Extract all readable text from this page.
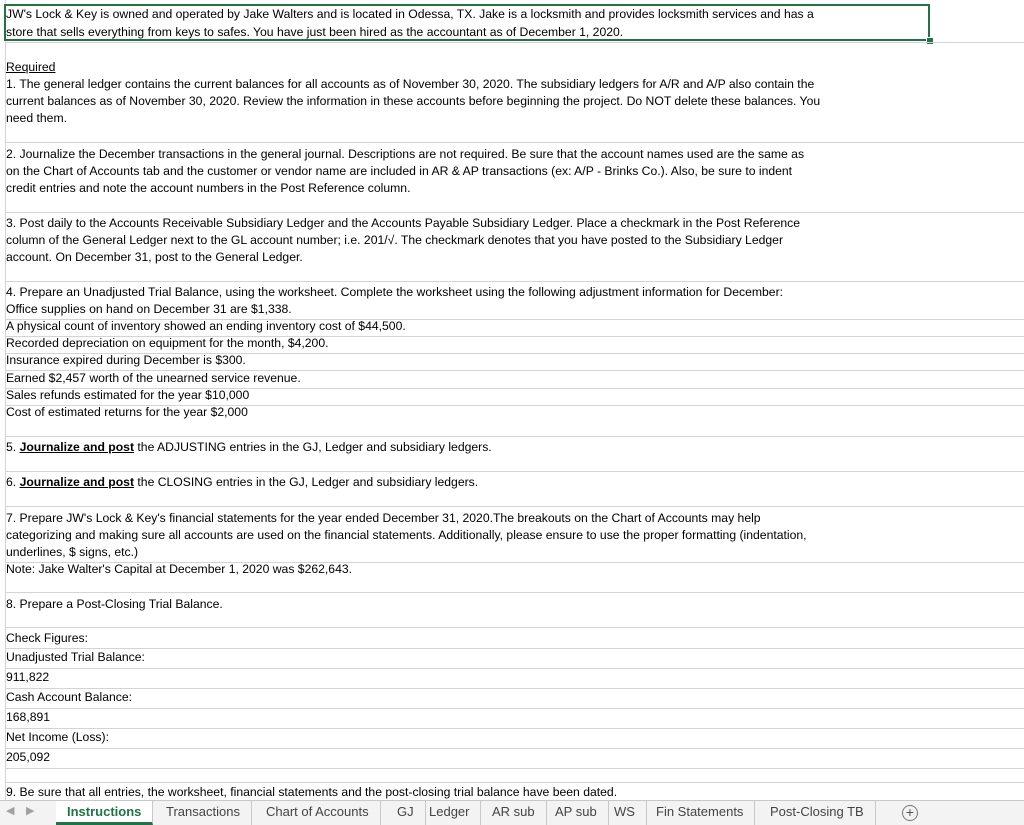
JW's Lock & Key is owned and operated by Jake Walters and is located in Odessa, TX. Jake is a locksmith and provides locksmith services and has a
store that sells everything from keys to safes. You have just been hired as the accountant as of December 1, 2020.
Required
1. The general ledger contains the current balances for all accounts as of November 30, 2020. The subsidiary ledgers for A/R and A/P also contain the
current balances as of November 30, 2020. Review the information in these accounts before beginning the project. Do NOT delete these balances. You
need them.
2. Journalize the December transactions in the general journal. Descriptions are not required. Be sure that the account names used are the same as
on the Chart of Accounts tab and the customer or vendor name are included in AR & AP transactions (ex: A/P - Brinks Co.). Also, be sure to indent
credit entries and note the account numbers in the Post Reference column.
3. Post daily to the Accounts Receivable Subsidiary Ledger and the Accounts Payable Subsidiary Ledger. Place a checkmark in the Post Reference
column of the General Ledger next to the GL account number; i.e. 201/√. The checkmark denotes that you have posted to the Subsidiary Ledger
account. On December 31, post to the General Ledger.
4. Prepare an Unadjusted Trial Balance, using the worksheet. Complete the worksheet using the following adjustment information for December:
Office supplies on hand on December 31 are $1,338.
A physical count of inventory showed an ending inventory cost of $44,500.
Recorded depreciation on equipment for the month, $4,200.
Insurance expired during December is $300.
Earned $2,457 worth of the unearned service revenue.
Sales refunds estimated for the year $10,000
Cost of estimated returns for the year $2,000
5. Journalize and post the ADJUSTING entries in the GJ, Ledger and subsidiary ledgers.
6. Journalize and post the CLOSING entries in the GJ, Ledger and subsidiary ledgers.
7. Prepare JW's Lock & Key's financial statements for the year ended December 31, 2020.The breakouts on the Chart of Accounts may help
categorizing and making sure all accounts are used on the financial statements. Additionally, please ensure to use the proper formatting (indentation,
underlines, $ signs, etc.)
Note: Jake Walter's Capital at December 1, 2020 was $262,643.
8. Prepare a Post-Closing Trial Balance.
Check Figures:
Unadjusted Trial Balance:
911,822
Cash Account Balance:
168,891
Net Income (Loss):
205,092
9. Be sure that all entries, the worksheet, financial statements and the post-closing trial balance have been dated.
◀ ▶	Instructions	Transactions	Chart of Accounts	GJ	Ledger	AR sub	AP sub	WS	Fin Statements	Post-Closing TB	+
